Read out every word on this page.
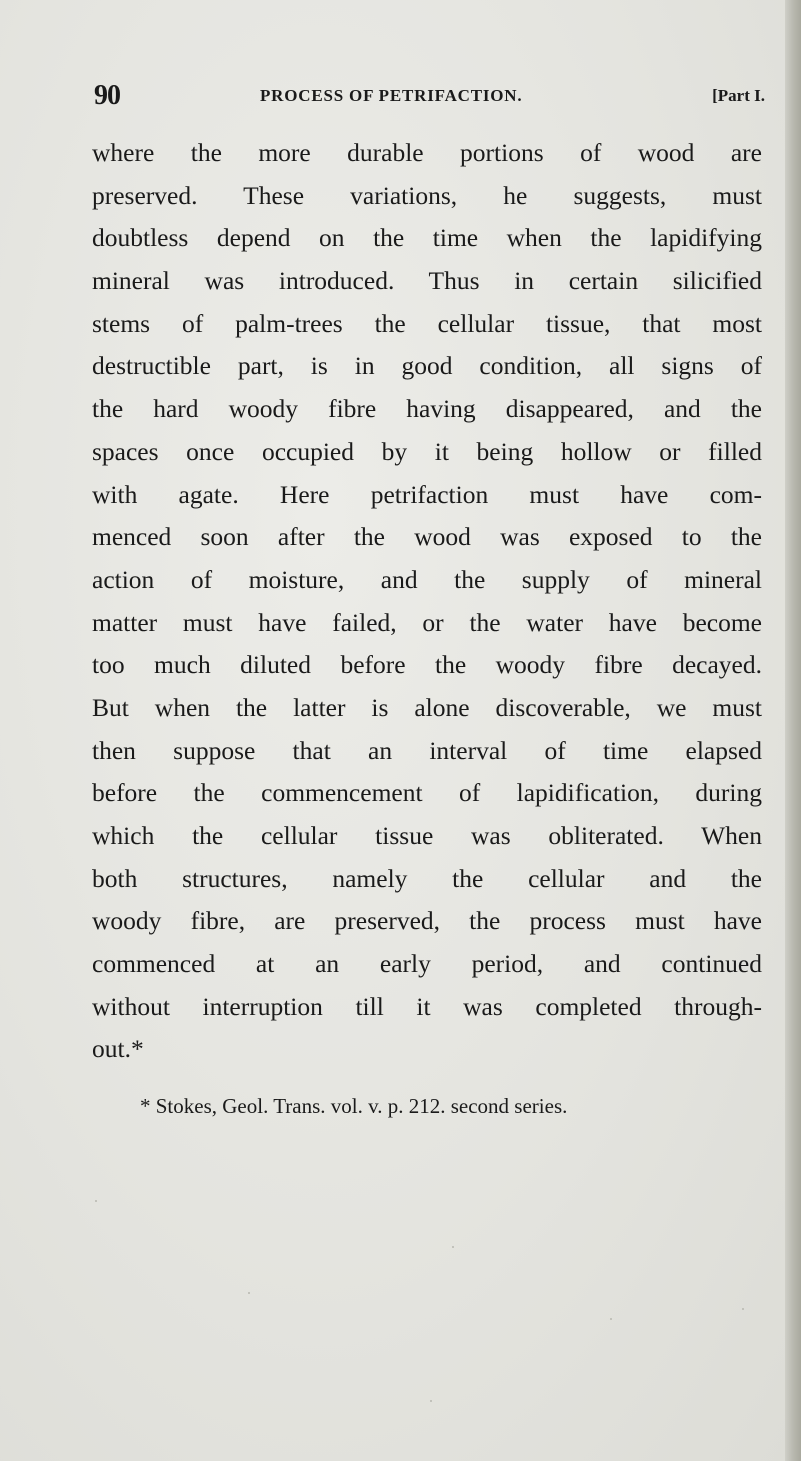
90	PROCESS OF PETRIFACTION.	[Part I.
where the more durable portions of wood are
preserved. These variations, he suggests, must
doubtless depend on the time when the lapidifying
mineral was introduced. Thus in certain silicified
stems of palm-trees the cellular tissue, that most
destructible part, is in good condition, all signs of
the hard woody fibre having disappeared, and the
spaces once occupied by it being hollow or filled
with agate. Here petrifaction must have com-
menced soon after the wood was exposed to the
action of moisture, and the supply of mineral
matter must have failed, or the water have become
too much diluted before the woody fibre decayed.
But when the latter is alone discoverable, we must
then suppose that an interval of time elapsed
before the commencement of lapidification, during
which the cellular tissue was obliterated. When
both structures, namely the cellular and the
woody fibre, are preserved, the process must have
commenced at an early period, and continued
without interruption till it was completed through-
out.*
* Stokes, Geol. Trans. vol. v. p. 212. second series.
